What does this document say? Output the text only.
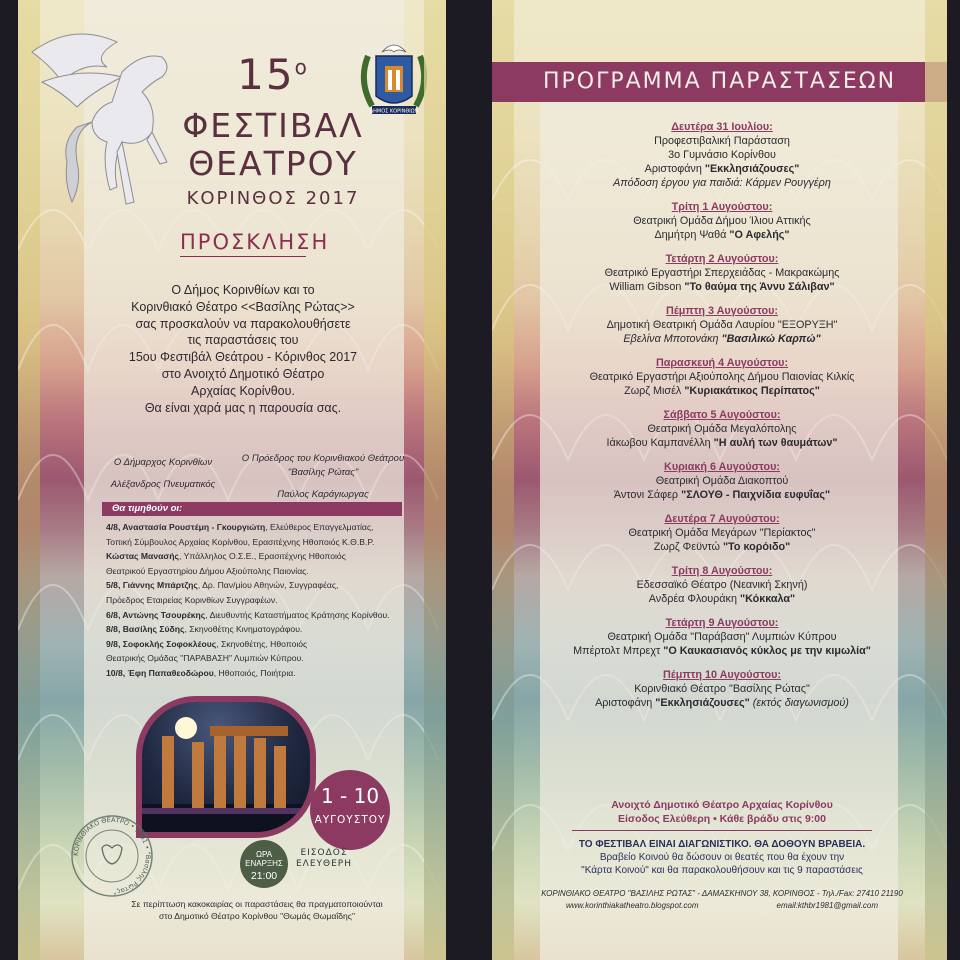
ΔΗΜΟΣ ΚΟΡΙΝΘΙΩΝ
$15^o$
ΦΕΣΤΙΒΑΛ
ΘΕΑΤΡΟΥ
ΚΟΡΙΝΘΟΣ 2017
ΠΡΟΣΚΛΗΣΗ
Ο Δήμος Κορινθίων και το
Κορινθιακό Θέατρο <<Βασίλης Ρώτας>>
σας προσκαλούν να παρακολουθήσετε
τις παραστάσεις του
15ου Φεστιβάλ Θεάτρου - Κόρινθος 2017
στο Ανοιχτό Δημοτικό Θέατρο
Αρχαίας Κορίνθου.
Θα είναι χαρά μας η παρουσία σας.
Ο Δήμαρχος Κορινθίων
Αλέξανδρος Πνευματικός
Ο Πρόεδρος του Κορινθιακού Θεάτρου "Βασίλης Ρώτας"
Παύλος Καράγιωργας
Θα τιμηθούν οι:
4/8, Αναστασία Ρουστέμη - Γκουργιώτη, Ελεύθερος Επαγγελματίας,
Τοπική Σύμβουλος Αρχαίας Κορίνθου, Ερασιτέχνης Ηθοποιός Κ.Θ.Β.Ρ.
Κώστας Μανασής, Υπάλληλος Ο.Σ.Ε., Ερασιτέχνης Ηθοποιός
Θεατρικού Εργαστηρίου Δήμου Αξιούπολης Παιονίας.
5/8, Γιάννης Μπάρτζης, Δρ. Παν/μίου Αθηνών, Συγγραφέας,
Πρόεδρος Εταιρείας Κορινθίων Συγγραφέων.
6/8, Αντώνης Τσουρέκης, Διευθυντής Καταστήματος Κράτησης Κορίνθου.
8/8, Βασίλης Σύδης, Σκηνοθέτης Κινηματογράφου.
9/8, Σοφοκλής Σοφοκλέους, Σκηνοθέτης, Ηθοποιός
Θεατρικής Ομάδας "ΠΑΡΑΒΑΣΗ" Λυμπιών Κύπρου.
10/8, Έφη Παπαθεοδώρου, Ηθοποιός, Ποιήτρια.
1 - 10
ΑΥΓΟΥΣΤΟΥ
ΩΡΑ ΕΝΑΡΞΗΣ
21:00
ΕΙΣΟΔΟΣ ΕΛΕΥΘΕΡΗ
ΚΟΡΙΝΘΙΑΚΟ ΘΕΑΤΡΟ • 1981 • "Βασίλης Ρώτας"
Σε περίπτωση κακοκαιρίας οι παραστάσεις θα πραγματοποιούνται
στο Δημοτικό Θέατρο Κορίνθου "Θωμάς Θωμαΐδης"
ΠΡΟΓΡΑΜΜΑ ΠΑΡΑΣΤΑΣΕΩΝ
Δευτέρα 31 Ιουλίου:
Προφεστιβαλική Παράσταση
3ο Γυμνάσιο Κορίνθου
Αριστοφάνη "Εκκλησιάζουσες"
Απόδοση έργου για παιδιά: Κάρμεν Ρουγγέρη
Τρίτη 1 Αυγούστου:
Θεατρική Ομάδα Δήμου Ίλιου Αττικής
Δημήτρη Ψαθά "Ο Αφελής"
Τετάρτη 2 Αυγούστου:
Θεατρικό Εργαστήρι Σπερχειάδας - Μακρακώμης
William Gibson "Το θαύμα της Άννυ Σάλιβαν"
Πέμπτη 3 Αυγούστου:
Δημοτική Θεατρική Ομάδα Λαυρίου "ΕΞΟΡΥΞΗ"
Εβελίνα Μποτονάκη "Βασιλικώ Καρπώ"
Παρασκευή 4 Αυγούστου:
Θεατρικό Εργαστήρι Αξιούπολης Δήμου Παιονίας Κιλκίς
Ζωρζ Μισέλ "Κυριακάτικος Περίπατος"
Σάββατο 5 Αυγούστου:
Θεατρική Ομάδα Μεγαλόπολης
Ιάκωβου Καμπανέλλη "Η αυλή των θαυμάτων"
Κυριακή 6 Αυγούστου:
Θεατρική Ομάδα Διακοπτού
Άντονι Σάφερ "ΣΛΟΥΘ - Παιχνίδια ευφυΐας"
Δευτέρα 7 Αυγούστου:
Θεατρική Ομάδα Μεγάρων "Περίακτος"
Ζωρζ Φεϋντώ "Το κορόιδο"
Τρίτη 8 Αυγούστου:
Εδεσσαϊκό Θέατρο (Νεανική Σκηνή)
Ανδρέα Φλουράκη "Κόκκαλα"
Τετάρτη 9 Αυγούστου:
Θεατρική Ομάδα "Παράβαση" Λυμπιών Κύπρου
Μπέρτολτ Μπρεχτ "Ο Καυκασιανός κύκλος με την κιμωλία"
Πέμπτη 10 Αυγούστου:
Κορινθιακό Θέατρο "Βασίλης Ρώτας"
Αριστοφάνη "Εκκλησιάζουσες" (εκτός διαγωνισμού)
Ανοιχτό Δημοτικό Θέατρο Αρχαίας Κορίνθου
Είσοδος Ελεύθερη • Κάθε βράδυ στις 9:00
ΤΟ ΦΕΣΤΙΒΑΛ ΕΙΝΑΙ ΔΙΑΓΩΝΙΣΤΙΚΟ. ΘΑ ΔΟΘΟΥΝ ΒΡΑΒΕΙΑ.
Βραβείο Κοινού θα δώσουν οι θεατές που θα έχουν την
"Κάρτα Κοινού" και θα παρακολουθήσουν και τις 9 παραστάσεις
ΚΟΡΙΝΘΙΑΚΟ ΘΕΑΤΡΟ "ΒΑΣΙΛΗΣ ΡΩΤΑΣ" - ΔΑΜΑΣΚΗΝΟΥ 38, ΚΟΡΙΝΘΟΣ - Τηλ./Fax: 27410 21190
www.korinthiakatheatro.blogspot.com	email:kthbr1981@gmail.com
